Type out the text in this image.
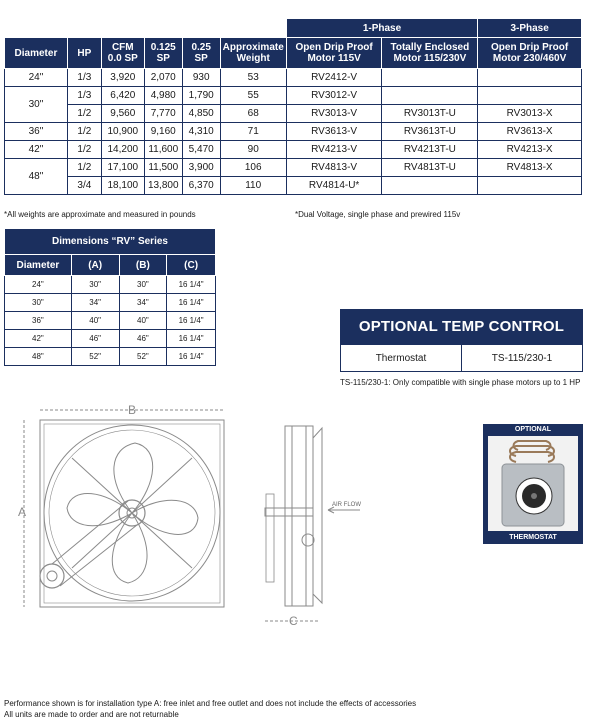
						1-Phase		3-Phase
Diameter	HP	CFM 0.0 SP	0.125 SP	0.25 SP	Approximate Weight	Open Drip Proof Motor 115V	Totally Enclosed Motor 115/230V	Open Drip Proof Motor 230/460V
24"	1/3	3,920	2,070	930	53	RV2412-V		
30"	1/3	6,420	4,980	1,790	55	RV3012-V		
	1/2	9,560	7,770	4,850	68	RV3013-V	RV3013T-U	RV3013-X
36"	1/2	10,900	9,160	4,310	71	RV3613-V	RV3613T-U	RV3613-X
42"	1/2	14,200	11,600	5,470	90	RV4213-V	RV4213T-U	RV4213-X
48"	1/2	17,100	11,500	3,900	106	RV4813-V	RV4813T-U	RV4813-X
	3/4	18,100	13,800	6,370	110	RV4814-U*		
*All weights are approximate and measured in pounds	*Dual Voltage, single phase and prewired 115v
Dimensions “RV” Series			
Diameter	(A)	(B)	(C)
24"	30"	30"	16 1/4"
30"	34"	34"	16 1/4"
36"	40"	40"	16 1/4"
42"	46"	46"	16 1/4"
48"	52"	52"	16 1/4"
OPTIONAL TEMP CONTROL
Thermostat	TS-115/230-1
TS-115/230-1: Only compatible with single phase motors up to 1 HP
B
A
C
AIR FLOW
OPTIONAL
THERMOSTAT
Performance shown is for installation type A: free inlet and free outlet and does not include the effects of accessories
All units are made to order and are not returnable
